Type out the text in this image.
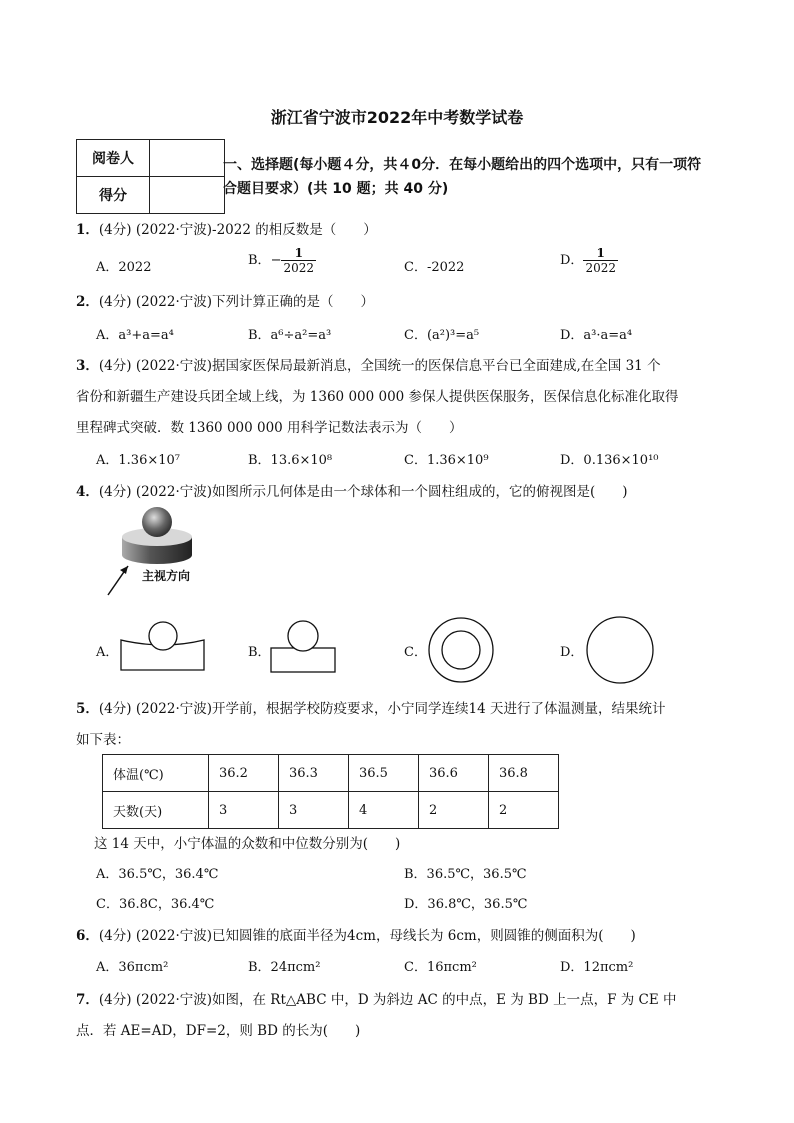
浙江省宁波市2022年中考数学试卷
阅卷人	
得分	
一、选择题(每小题４分，共４0分．在每小题给出的四个选项中，只有一项符合题目要求）(共 10 题；共 40 分)
1．(4分) (2022·宁波)-2022 的相反数是（　　）
A．2022	B．− $\frac{1}{2022}$	C．-2022	D． $\frac{1}{2022}$
2．(4分) (2022·宁波)下列计算正确的是（　　）
A．a³+a=a⁴	B．a⁶÷a²=a³	C．(a²)³=a⁵	D．a³·a=a⁴
3．(4分) (2022·宁波)据国家医保局最新消息，全国统一的医保信息平台已全面建成,在全国 31 个
省份和新疆生产建设兵团全域上线，为 1360 000 000 参保人提供医保服务，医保信息化标准化取得
里程碑式突破．数 1360 000 000 用科学记数法表示为（　　）
A．1.36×10⁷	B．13.6×10⁸	C．1.36×10⁹	D．0.136×10¹⁰
4．(4分) (2022·宁波)如图所示几何体是由一个球体和一个圆柱组成的，它的俯视图是(　　)
主视方向
A．	B．	C．	D．
5．(4分) (2022·宁波)开学前，根据学校防疫要求，小宁同学连续14 天进行了体温测量，结果统计
如下表：
体温(℃)	36.2	36.3	36.5	36.6	36.8
天数(天)	3	3	4	2	2
这 14 天中，小宁体温的众数和中位数分别为(　　)
A．36.5℃，36.4℃	B．36.5℃，36.5℃
C．36.8C，36.4℃	D．36.8℃，36.5℃
6．(4分) (2022·宁波)已知圆锥的底面半径为4cm，母线长为 6cm，则圆锥的侧面积为(　　)
A．36πcm²	B．24πcm²	C．16πcm²	D．12πcm²
7．(4分) (2022·宁波)如图，在 Rt△ABC 中，D 为斜边 AC 的中点，E 为 BD 上一点，F 为 CE 中
点．若 AE=AD，DF=2，则 BD 的长为(　　)
